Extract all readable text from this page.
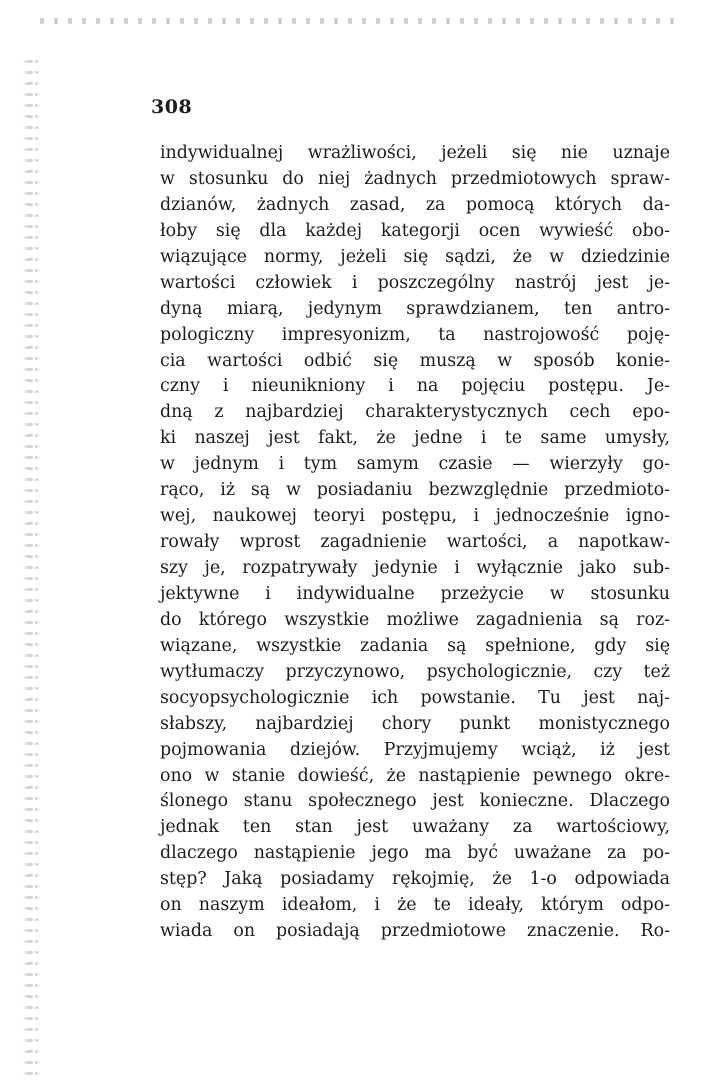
308
indywidualnej wrażliwości, jeżeli się nie uznaje
w stosunku do niej żadnych przedmiotowych spraw-
dzianów, żadnych zasad, za pomocą których da-
łoby się dla każdej kategorji ocen wywieść obo-
wiązujące normy, jeżeli się sądzi, że w dziedzinie
wartości człowiek i poszczególny nastrój jest je-
dyną miarą, jedynym sprawdzianem, ten antro-
pologiczny impresyonizm, ta nastrojowość poję-
cia wartości odbić się muszą w sposób konie-
czny i nieunikniony i na pojęciu postępu. Je-
dną z najbardziej charakterystycznych cech epo-
ki naszej jest fakt, że jedne i te same umysły,
w jednym i tym samym czasie — wierzyły go-
rąco, iż są w posiadaniu bezwzględnie przedmioto-
wej, naukowej teoryi postępu, i jednocześnie igno-
rowały wprost zagadnienie wartości, a napotkaw-
szy je, rozpatrywały jedynie i wyłącznie jako sub-
jektywne i indywidualne przeżycie w stosunku
do którego wszystkie możliwe zagadnienia są roz-
wiązane, wszystkie zadania są spełnione, gdy się
wytłumaczy przyczynowo, psychologicznie, czy też
socyopsychologicznie ich powstanie. Tu jest naj-
słabszy, najbardziej chory punkt monistycznego
pojmowania dziejów. Przyjmujemy wciąż, iż jest
ono w stanie dowieść, że nastąpienie pewnego okre-
ślonego stanu społecznego jest konieczne. Dlaczego
jednak ten stan jest uważany za wartościowy,
dlaczego nastąpienie jego ma być uważane za po-
stęp? Jaką posiadamy rękojmię, że 1-o odpowiada
on naszym ideałom, i że te ideały, którym odpo-
wiada on posiadają przedmiotowe znaczenie. Ro-
